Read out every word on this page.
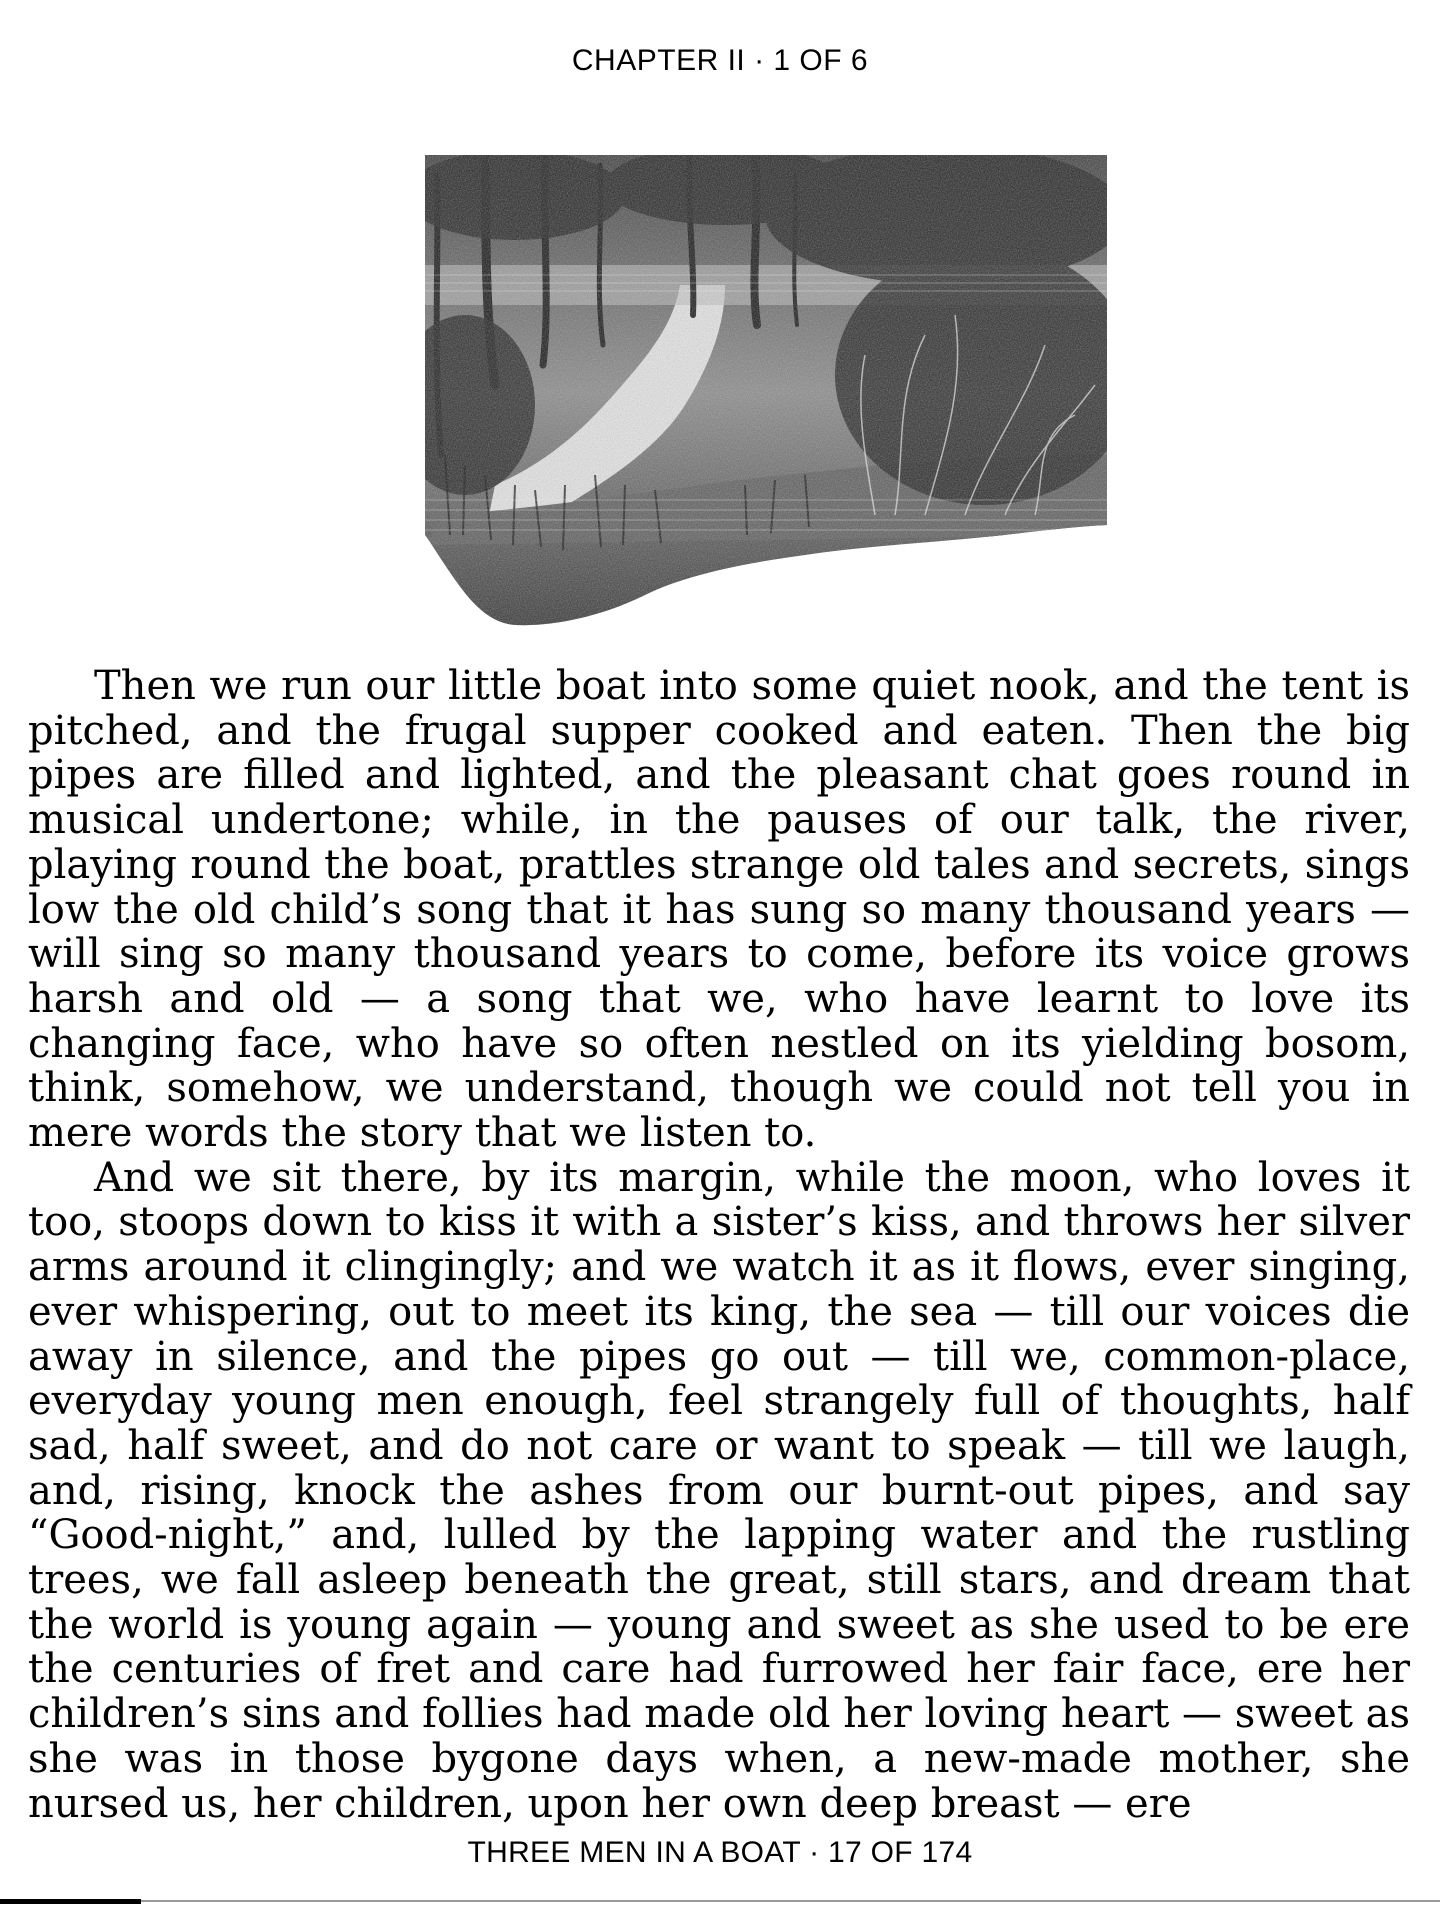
CHAPTER II · 1 OF 6

Then we run our little boat into some quiet nook, and the tent is pitched, and the frugal supper cooked and eaten. Then the big pipes are filled and lighted, and the pleasant chat goes round in musical undertone; while, in the pauses of our talk, the river, playing round the boat, prattles strange old tales and secrets, sings low the old child’s song that it has sung so many thousand years — will sing so many thousand years to come, before its voice grows harsh and old — a song that we, who have learnt to love its changing face, who have so often nestled on its yielding bosom, think, somehow, we understand, though we could not tell you in mere words the story that we listen to.

And we sit there, by its margin, while the moon, who loves it too, stoops down to kiss it with a sister’s kiss, and throws her silver arms around it clingingly; and we watch it as it flows, ever singing, ever whispering, out to meet its king, the sea — till our voices die away in silence, and the pipes go out — till we, common-place, everyday young men enough, feel strangely full of thoughts, half sad, half sweet, and do not care or want to speak — till we laugh, and, rising, knock the ashes from our burnt-out pipes, and say “Good-night,” and, lulled by the lapping water and the rustling trees, we fall asleep beneath the great, still stars, and dream that the world is young again — young and sweet as she used to be ere the centuries of fret and care had furrowed her fair face, ere her children’s sins and follies had made old her loving heart — sweet as she was in those bygone days when, a new-made mother, she nursed us, her children, upon her own deep breast — ere

THREE MEN IN A BOAT · 17 OF 174
